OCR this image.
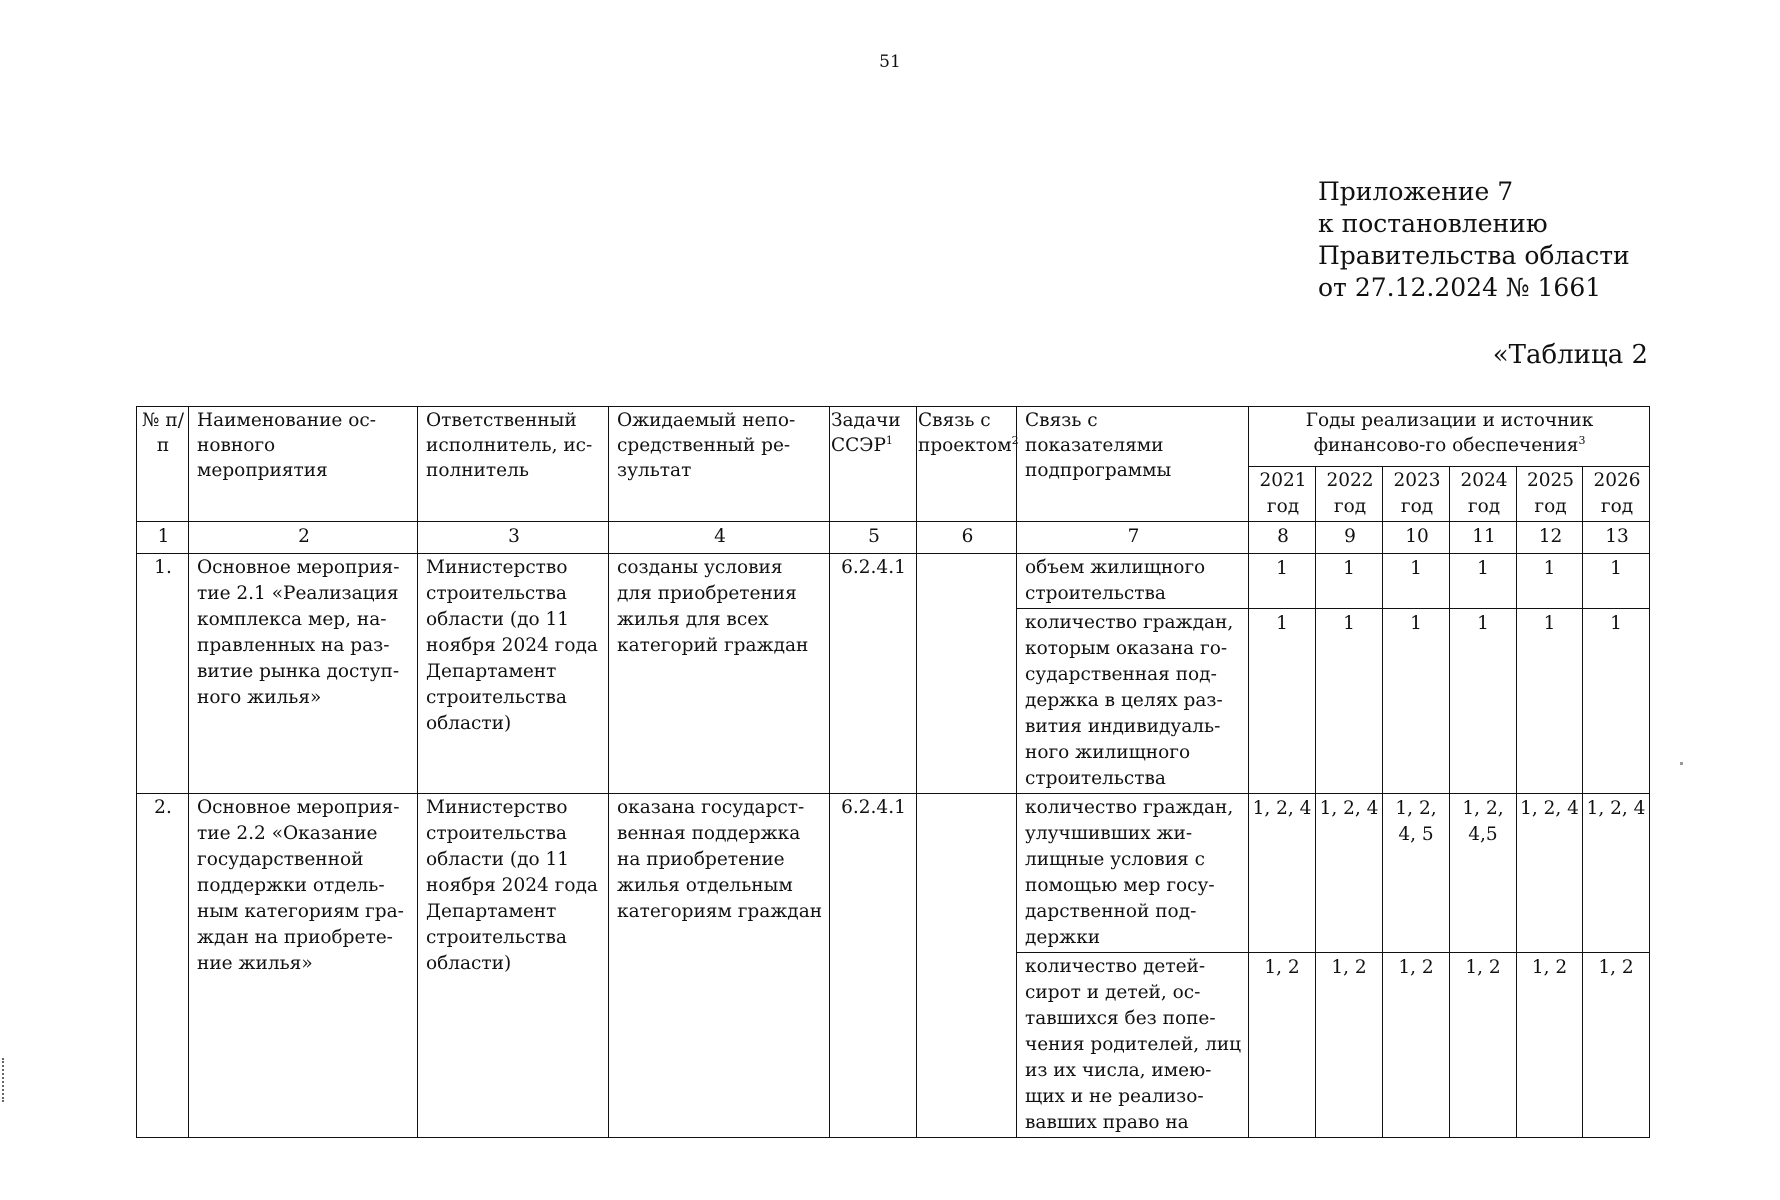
51
Приложение 7
к постановлению
Правительства области
от 27.12.2024 № 1661
«Таблица 2
№ п/п	Наименование ос-новного мероприятия	Ответственный исполнитель, ис-полнитель	Ожидаемый непо-средственный ре-зультат	Задачи ССЭР$^1$	Связь с проектом$^2$	Связь с показателями подпрограммы	Годы реализации и источник финансово-го обеспечения$^3$
							2021 год	2022 год	2023 год	2024 год	2025 год	2026 год
1	2	3	4	5	6	7	8	9	10	11	12	13
1.	Основное мероприя-тие 2.1 «Реализация комплекса мер, на-правленных на раз-витие рынка доступ-ного жилья»	Министерство строительства области (до 11 ноября 2024 года Департамент строительства области)	созданы условия для приобретения жилья для всех категорий граждан	6.2.4.1		объем жилищного строительства	1	1	1	1	1	1
						количество граждан, которым оказана го-сударственная под-держка в целях раз-вития индивидуаль-ного жилищного строительства	1	1	1	1	1	1
2.	Основное мероприя-тие 2.2 «Оказание государственной поддержки отдель-ным категориям гра-ждан на приобрете-ние жилья»	Министерство строительства области (до 11 ноября 2024 года Департамент строительства области)	оказана государст-венная поддержка на приобретение жилья отдельным категориям граждан	6.2.4.1		количество граждан, улучшивших жи-лищные условия с помощью мер госу-дарственной под-держки	1, 2, 4	1, 2, 4	1, 2, 4, 5	1, 2, 4,5	1, 2, 4	1, 2, 4
						количество детей-сирот и детей, ос-тавшихся без попе-чения родителей, лиц из их числа, имею-щих и не реализо-вавших право на	1, 2	1, 2	1, 2	1, 2	1, 2	1, 2
